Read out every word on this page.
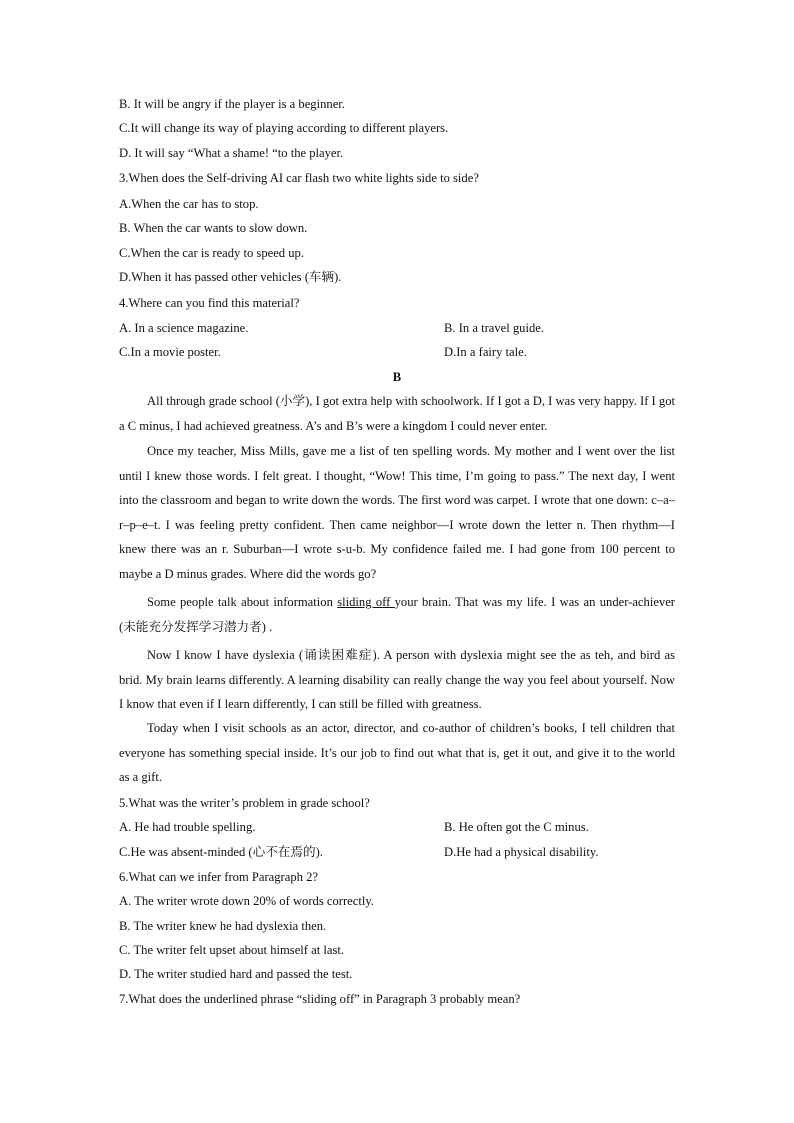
B. It will be angry if the player is a beginner.
C.It will change its way of playing according to different players.
D. It will say “What a shame! “to the player.
3.When does the Self-driving AI car flash two white lights side to side?
A.When the car has to stop.
B. When the car wants to slow down.
C.When the car is ready to speed up.
D.When it has passed other vehicles (车辆).
4.Where can you find this material?
A. In a science magazine.	B. In a travel guide.
C.In a movie poster.	D.In a fairy tale.
B

All through grade school (小学), I got extra help with schoolwork. If I got a D, I was very happy. If I got a C minus, I had achieved greatness. A’s and B’s were a kingdom I could never enter.

Once my teacher, Miss Mills, gave me a list of ten spelling words. My mother and I went over the list until I knew those words. I felt great. I thought, “Wow! This time, I’m going to pass.” The next day, I went into the classroom and began to write down the words. The first word was carpet. I wrote that one down: c–a–r–p–e–t. I was feeling pretty confident. Then came neighbor—I wrote down the letter n. Then rhythm—I knew there was an r. Suburban—I wrote s-u-b. My confidence failed me. I had gone from 100 percent to maybe a D minus grades. Where did the words go?

Some people talk about information sliding off your brain. That was my life. I was an under-achiever (未能充分发挥学习潜力者) .

Now I know I have dyslexia (诵读困难症). A person with dyslexia might see the as teh, and bird as brid. My brain learns differently. A learning disability can really change the way you feel about yourself. Now I know that even if I learn differently, I can still be filled with greatness.

Today when I visit schools as an actor, director, and co-author of children’s books, I tell children that everyone has something special inside. It’s our job to find out what that is, get it out, and give it to the world as a gift.

5.What was the writer’s problem in grade school?
A. He had trouble spelling.	B. He often got the C minus.
C.He was absent-minded (心不在焉的).	D.He had a physical disability.
6.What can we infer from Paragraph 2?
A. The writer wrote down 20% of words correctly.
B. The writer knew he had dyslexia then.
C. The writer felt upset about himself at last.
D. The writer studied hard and passed the test.
7.What does the underlined phrase “sliding off” in Paragraph 3 probably mean?
